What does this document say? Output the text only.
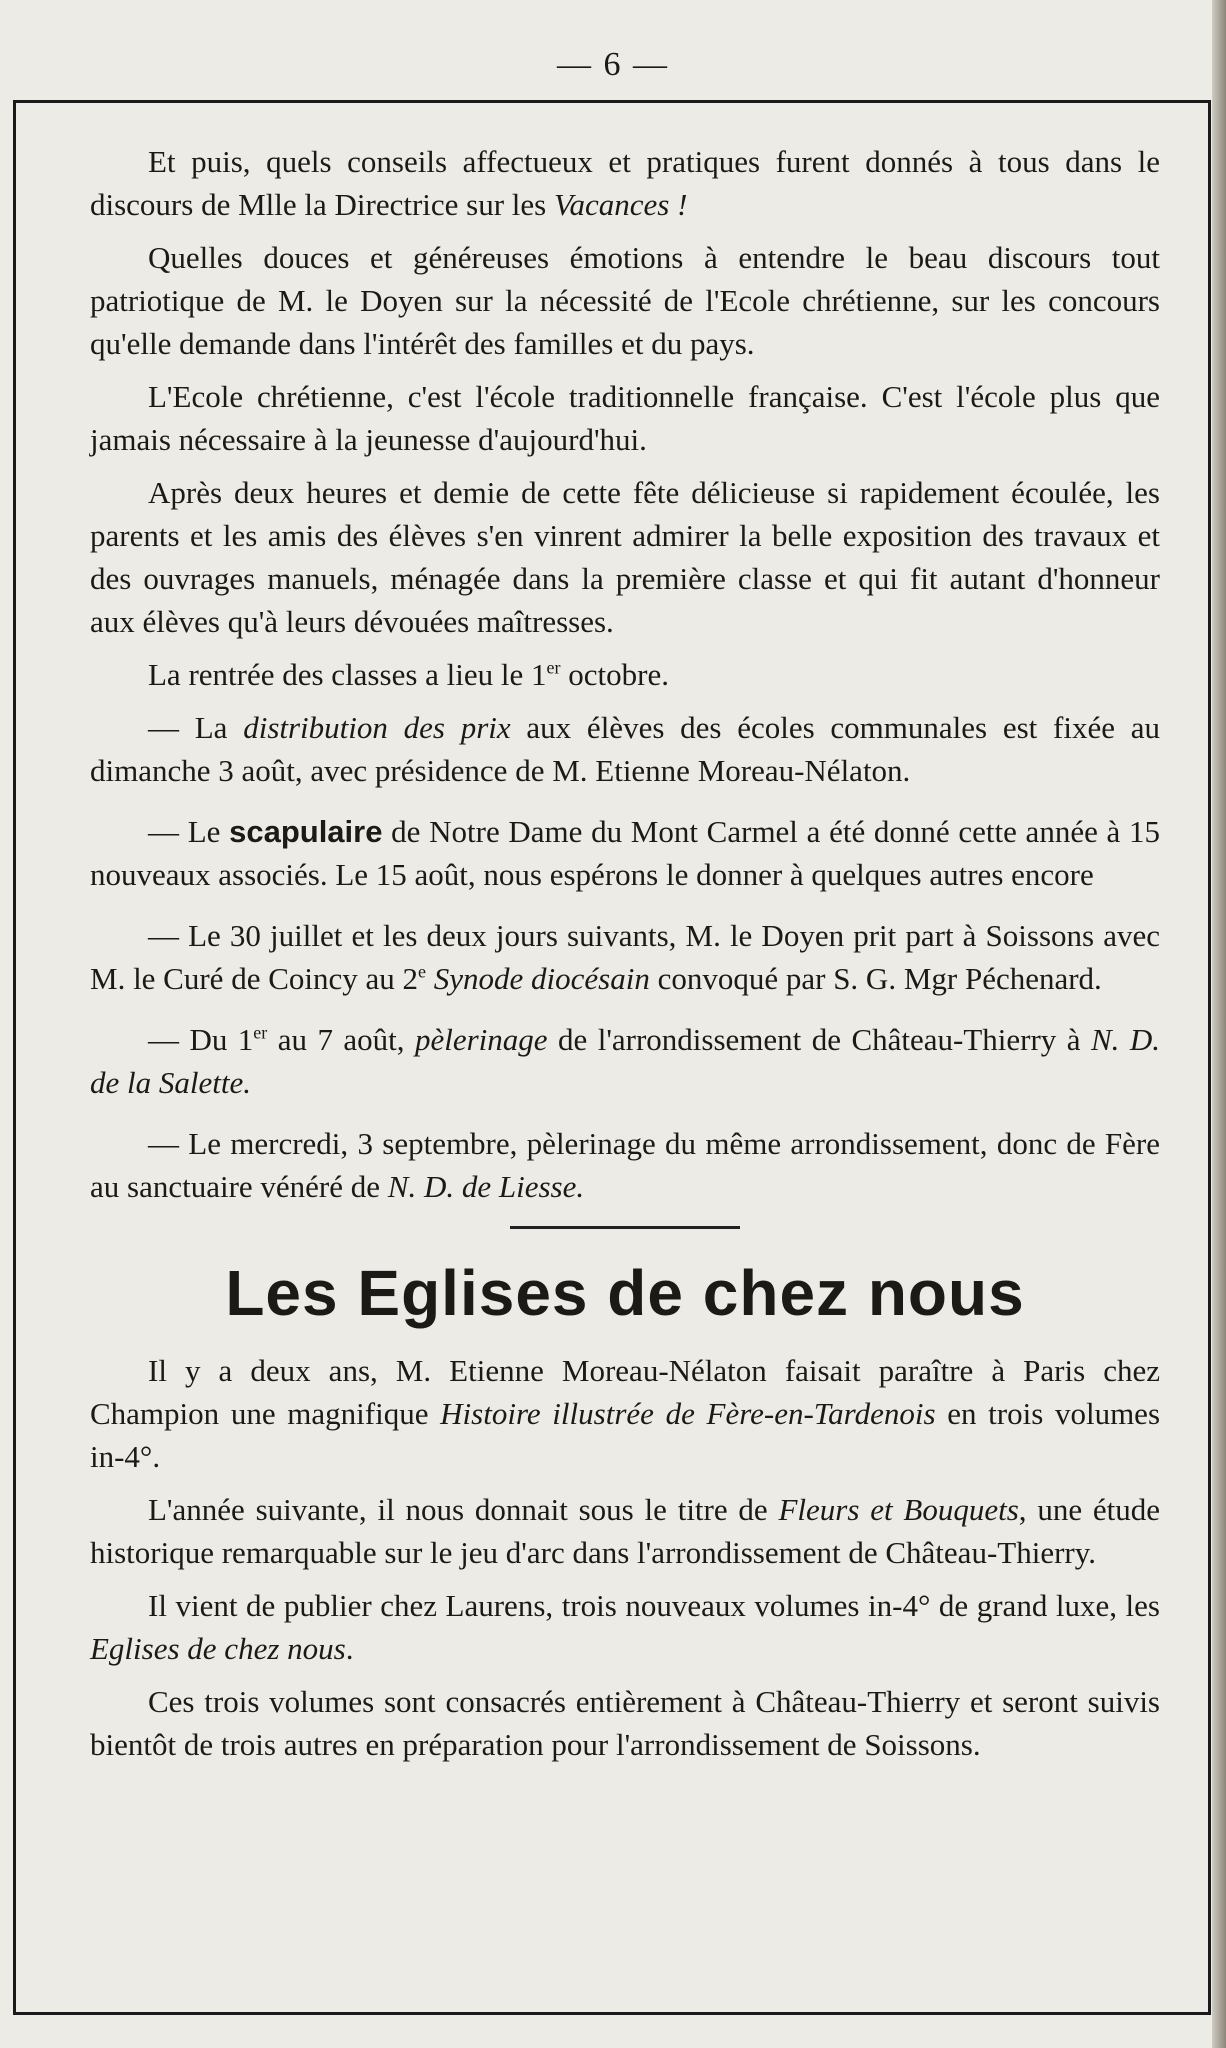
— 6 —

Et puis, quels conseils affectueux et pratiques furent donnés à tous dans le discours de Mlle la Directrice sur les Vacances !

Quelles douces et généreuses émotions à entendre le beau discours tout patriotique de M. le Doyen sur la nécessité de l'Ecole chrétienne, sur les concours qu'elle demande dans l'intérêt des familles et du pays.

L'Ecole chrétienne, c'est l'école traditionnelle française. C'est l'école plus que jamais nécessaire à la jeunesse d'aujourd'hui.

Après deux heures et demie de cette fête délicieuse si rapidement écoulée, les parents et les amis des élèves s'en vinrent admirer la belle exposition des travaux et des ouvrages manuels, ménagée dans la première classe et qui fit autant d'honneur aux élèves qu'à leurs dévouées maîtresses.

La rentrée des classes a lieu le 1er octobre.

— La distribution des prix aux élèves des écoles communales est fixée au dimanche 3 août, avec présidence de M. Etienne Moreau-Nélaton.

— Le scapulaire de Notre Dame du Mont Carmel a été donné cette année à 15 nouveaux associés. Le 15 août, nous espérons le donner à quelques autres encore

— Le 30 juillet et les deux jours suivants, M. le Doyen prit part à Soissons avec M. le Curé de Coincy au 2e Synode diocésain convoqué par S. G. Mgr Péchenard.

— Du 1er au 7 août, pèlerinage de l'arrondissement de Château-Thierry à N. D. de la Salette.

— Le mercredi, 3 septembre, pèlerinage du même arrondissement, donc de Fère au sanctuaire vénéré de N. D. de Liesse.

Les Eglises de chez nous

Il y a deux ans, M. Etienne Moreau-Nélaton faisait paraître à Paris chez Champion une magnifique Histoire illustrée de Fère-en-Tardenois en trois volumes in-4°.

L'année suivante, il nous donnait sous le titre de Fleurs et Bouquets, une étude historique remarquable sur le jeu d'arc dans l'arrondissement de Château-Thierry.

Il vient de publier chez Laurens, trois nouveaux volumes in-4° de grand luxe, les Eglises de chez nous.

Ces trois volumes sont consacrés entièrement à Château-Thierry et seront suivis bientôt de trois autres en préparation pour l'arrondissement de Soissons.
